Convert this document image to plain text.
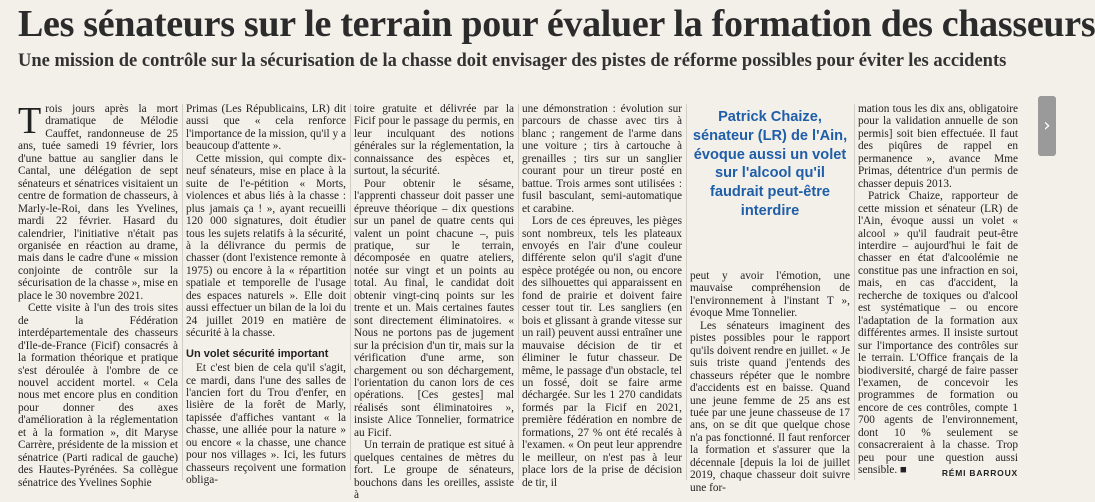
Les sénateurs sur le terrain pour évaluer la formation des chasseurs
Une mission de contrôle sur la sécurisation de la chasse doit envisager des pistes de réforme possibles pour éviter les accidents

Trois jours après la mort dramatique de Mélodie Cauffet, randonneuse de 25 ans, tuée samedi 19 février, lors d'une battue au sanglier dans le Cantal, une délégation de sept sénateurs et sénatrices visitaient un centre de formation de chasseurs, à Marly-le-Roi, dans les Yvelines, mardi 22 février. Hasard du calendrier, l'initiative n'était pas organisée en réaction au drame, mais dans le cadre d'une « mission conjointe de contrôle sur la sécurisation de la chasse », mise en place le 30 novembre 2021.

Cette visite à l'un des trois sites de la Fédération interdépartementale des chasseurs d'Ile-de-France (Ficif) consacrés à la formation théorique et pratique s'est déroulée à l'ombre de ce nouvel accident mortel. « Cela nous met encore plus en condition pour donner des axes d'amélioration à la réglementation et à la formation », dit Maryse Carrère, présidente de la mission et sénatrice (Parti radical de gauche) des Hautes-Pyrénées. Sa collègue sénatrice des Yvelines Sophie

Primas (Les Républicains, LR) dit aussi que « cela renforce l'importance de la mission, qu'il y a beaucoup d'attente ».

Cette mission, qui compte dix-neuf sénateurs, mise en place à la suite de l'e-pétition « Morts, violences et abus liés à la chasse : plus jamais ça ! », ayant recueilli 120 000 signatures, doit étudier tous les sujets relatifs à la sécurité, à la délivrance du permis de chasser (dont l'existence remonte à 1975) ou encore à la « répartition spatiale et temporelle de l'usage des espaces naturels ». Elle doit aussi effectuer un bilan de la loi du 24 juillet 2019 en matière de sécurité à la chasse.

Un volet sécurité important

Et c'est bien de cela qu'il s'agit, ce mardi, dans l'une des salles de l'ancien fort du Trou d'enfer, en lisière de la forêt de Marly, tapissée d'affiches vantant « la chasse, une alliée pour la nature » ou encore « la chasse, une chance pour nos villages ». Ici, les futurs chasseurs reçoivent une formation obliga-

toire gratuite et délivrée par la Ficif pour le passage du permis, en leur inculquant des notions générales sur la réglementation, la connaissance des espèces et, surtout, la sécurité.

Pour obtenir le sésame, l'apprenti chasseur doit passer une épreuve théorique – dix questions sur un panel de quatre cents qui valent un point chacune –, puis pratique, sur le terrain, décomposée en quatre ateliers, notée sur vingt et un points au total. Au final, le candidat doit obtenir vingt-cinq points sur les trente et un. Mais certaines fautes sont directement éliminatoires. « Nous ne portons pas de jugement sur la précision d'un tir, mais sur la vérification d'une arme, son chargement ou son déchargement, l'orientation du canon lors de ces opérations. [Ces gestes] mal réalisés sont éliminatoires », insiste Alice Tonnelier, formatrice au Ficif.

Un terrain de pratique est situé à quelques centaines de mètres du fort. Le groupe de sénateurs, bouchons dans les oreilles, assiste à

une démonstration : évolution sur parcours de chasse avec tirs à blanc ; rangement de l'arme dans une voiture ; tirs à cartouche à grenailles ; tirs sur un sanglier courant pour un tireur posté en battue. Trois armes sont utilisées : fusil basculant, semi-automatique et carabine.

Lors de ces épreuves, les pièges sont nombreux, tels les plateaux envoyés en l'air d'une couleur différente selon qu'il s'agit d'une espèce protégée ou non, ou encore des silhouettes qui apparaissent en fond de prairie et doivent faire cesser tout tir. Les sangliers (en bois et glissant à grande vitesse sur un rail) peuvent aussi entraîner une mauvaise décision de tir et éliminer le futur chasseur. De même, le passage d'un obstacle, tel un fossé, doit se faire arme déchargée. Sur les 1 270 candidats formés par la Ficif en 2021, première fédération en nombre de formations, 27 % ont été recalés à l'examen. « On peut leur apprendre le meilleur, on n'est pas à leur place lors de la prise de décision de tir, il

Patrick Chaize, sénateur (LR) de l'Ain, évoque aussi un volet sur l'alcool qu'il faudrait peut-être interdire

peut y avoir l'émotion, une mauvaise compréhension de l'environnement à l'instant T », évoque Mme Tonnelier.

Les sénateurs imaginent des pistes possibles pour le rapport qu'ils doivent rendre en juillet. « Je suis triste quand j'entends des chasseurs répéter que le nombre d'accidents est en baisse. Quand une jeune femme de 25 ans est tuée par une jeune chasseuse de 17 ans, on se dit que quelque chose n'a pas fonctionné. Il faut renforcer la formation et s'assurer que la décennale [depuis la loi de juillet 2019, chaque chasseur doit suivre une for-

mation tous les dix ans, obligatoire pour la validation annuelle de son permis] soit bien effectuée. Il faut des piqûres de rappel en permanence », avance Mme Primas, détentrice d'un permis de chasser depuis 2013.

Patrick Chaize, rapporteur de cette mission et sénateur (LR) de l'Ain, évoque aussi un volet « alcool » qu'il faudrait peut-être interdire – aujourd'hui le fait de chasser en état d'alcoolémie ne constitue pas une infraction en soi, mais, en cas d'accident, la recherche de toxiques ou d'alcool est systématique – ou encore l'adaptation de la formation aux différentes armes. Il insiste surtout sur l'importance des contrôles sur le terrain. L'Office français de la biodiversité, chargé de faire passer l'examen, de concevoir les programmes de formation ou encore de ces contrôles, compte 1 700 agents de l'environnement, dont 10 % seulement se consacreraient à la chasse. Trop peu pour une question aussi sensible. ■	RÉMI BARROUX
›
